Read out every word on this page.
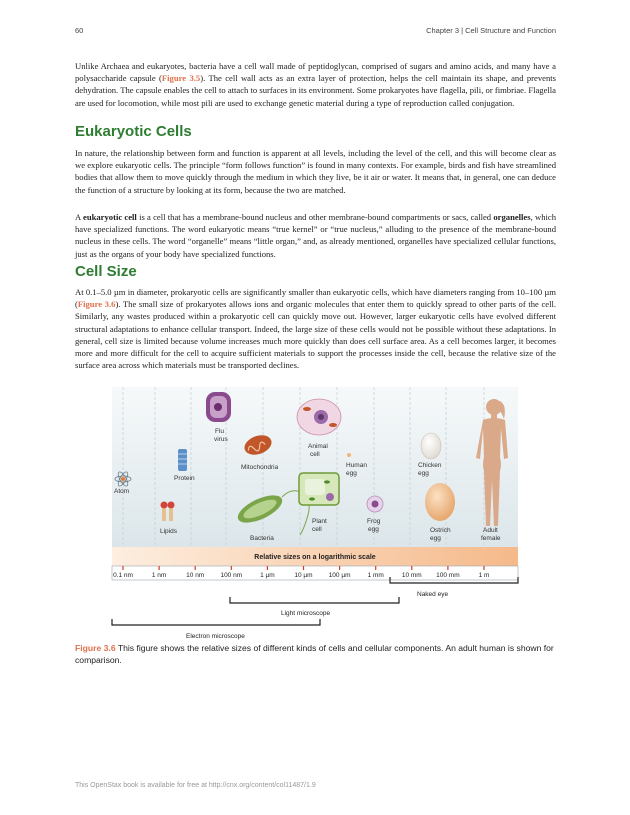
60	Chapter 3 | Cell Structure and Function

Unlike Archaea and eukaryotes, bacteria have a cell wall made of peptidoglycan, comprised of sugars and amino acids, and many have a polysaccharide capsule (Figure 3.5). The cell wall acts as an extra layer of protection, helps the cell maintain its shape, and prevents dehydration. The capsule enables the cell to attach to surfaces in its environment. Some prokaryotes have flagella, pili, or fimbriae. Flagella are used for locomotion, while most pili are used to exchange genetic material during a type of reproduction called conjugation.

Eukaryotic Cells

In nature, the relationship between form and function is apparent at all levels, including the level of the cell, and this will become clear as we explore eukaryotic cells. The principle “form follows function” is found in many contexts. For example, birds and fish have streamlined bodies that allow them to move quickly through the medium in which they live, be it air or water. It means that, in general, one can deduce the function of a structure by looking at its form, because the two are matched.

A eukaryotic cell is a cell that has a membrane-bound nucleus and other membrane-bound compartments or sacs, called organelles, which have specialized functions. The word eukaryotic means “true kernel” or “true nucleus,” alluding to the presence of the membrane-bound nucleus in these cells. The word “organelle” means “little organ,” and, as already mentioned, organelles have specialized cellular functions, just as the organs of your body have specialized functions.

Cell Size

At 0.1–5.0 µm in diameter, prokaryotic cells are significantly smaller than eukaryotic cells, which have diameters ranging from 10–100 µm (Figure 3.6). The small size of prokaryotes allows ions and organic molecules that enter them to quickly spread to other parts of the cell. Similarly, any wastes produced within a prokaryotic cell can quickly move out. However, larger eukaryotic cells have evolved different structural adaptations to enhance cellular transport. Indeed, the large size of these cells would not be possible without these adaptations. In general, cell size is limited because volume increases much more quickly than does cell surface area. As a cell becomes larger, it becomes more and more difficult for the cell to acquire sufficient materials to support the processes inside the cell, because the relative size of the surface area across which materials must be transported declines.

Atom
Lipids
Protein
Flu
virus
Mitochondria
Bacteria
Animal
cell
Plant
cell
Human
egg
Frog
egg
Chicken
egg
Ostrich
egg
Adult
female
Relative sizes on a logarithmic scale
0.1 nm	1 nm	10 nm 100 nm	1 µm	10 µm 100 µm	1 mm	10 mm 100 mm	1 m
Naked eye
Light microscope
Electron microscope

Figure 3.6 This figure shows the relative sizes of different kinds of cells and cellular components. An adult human is shown for comparison.

This OpenStax book is available for free at http://cnx.org/content/col11487/1.9
